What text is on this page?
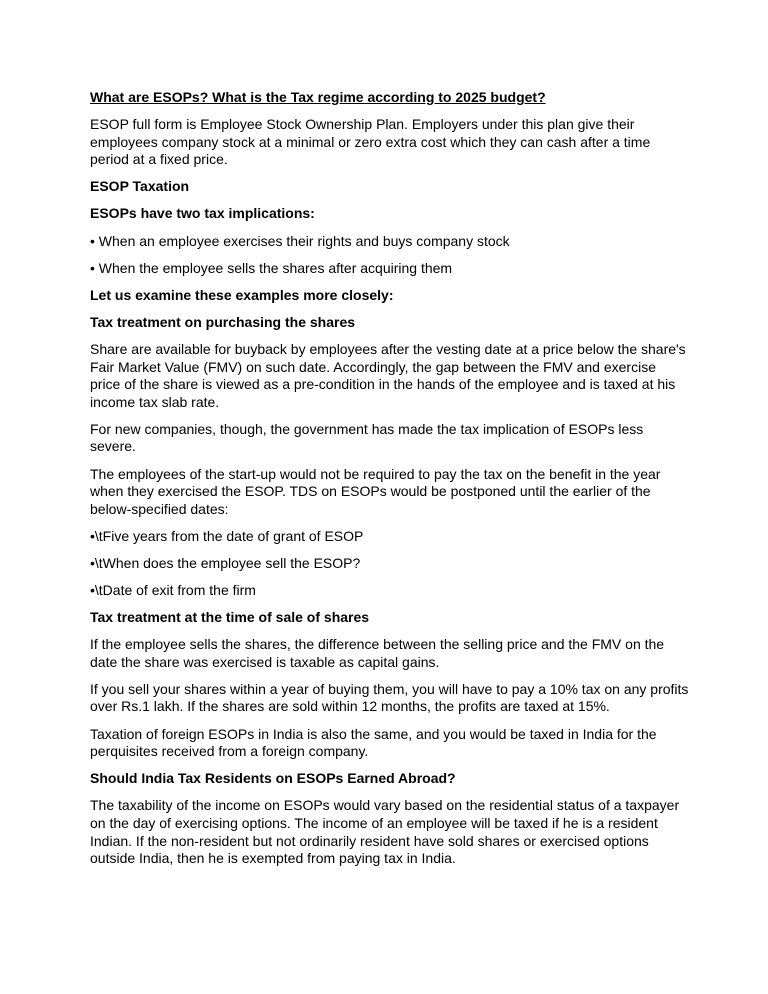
What are ESOPs? What is the Tax regime according to 2025 budget?

ESOP full form is Employee Stock Ownership Plan. Employers under this plan give their employees company stock at a minimal or zero extra cost which they can cash after a time period at a fixed price.

ESOP Taxation

ESOPs have two tax implications:

• When an employee exercises their rights and buys company stock

• When the employee sells the shares after acquiring them

Let us examine these examples more closely:

Tax treatment on purchasing the shares

Share are available for buyback by employees after the vesting date at a price below the share's Fair Market Value (FMV) on such date. Accordingly, the gap between the FMV and exercise price of the share is viewed as a pre-condition in the hands of the employee and is taxed at his income tax slab rate.

For new companies, though, the government has made the tax implication of ESOPs less severe.

The employees of the start-up would not be required to pay the tax on the benefit in the year when they exercised the ESOP. TDS on ESOPs would be postponed until the earlier of the below-specified dates:

•\tFive years from the date of grant of ESOP

•\tWhen does the employee sell the ESOP?

•\tDate of exit from the firm

Tax treatment at the time of sale of shares

If the employee sells the shares, the difference between the selling price and the FMV on the date the share was exercised is taxable as capital gains.

If you sell your shares within a year of buying them, you will have to pay a 10% tax on any profits over Rs.1 lakh. If the shares are sold within 12 months, the profits are taxed at 15%.

Taxation of foreign ESOPs in India is also the same, and you would be taxed in India for the perquisites received from a foreign company.

Should India Tax Residents on ESOPs Earned Abroad?

The taxability of the income on ESOPs would vary based on the residential status of a taxpayer on the day of exercising options. The income of an employee will be taxed if he is a resident Indian. If the non-resident but not ordinarily resident have sold shares or exercised options outside India, then he is exempted from paying tax in India.
